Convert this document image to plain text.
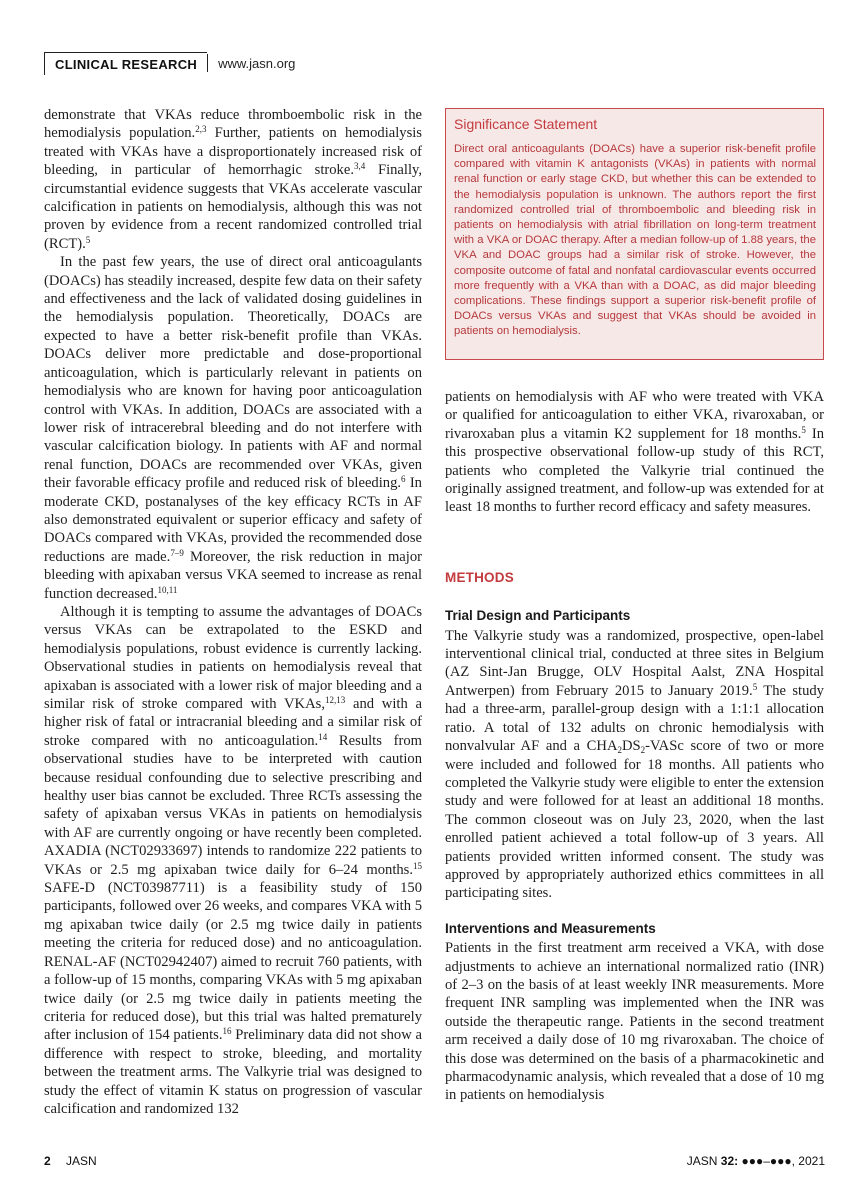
CLINICAL RESEARCH	www.jasn.org

demonstrate that VKAs reduce thromboembolic risk in the hemodialysis population.$^{2,3}$ Further, patients on hemodialysis treated with VKAs have a disproportionately increased risk of bleeding, in particular of hemorrhagic stroke.$^{3,4}$ Finally, circumstantial evidence suggests that VKAs accelerate vascular calcification in patients on hemodialysis, although this was not proven by evidence from a recent randomized controlled trial (RCT).$^5$

In the past few years, the use of direct oral anticoagulants (DOACs) has steadily increased, despite few data on their safety and effectiveness and the lack of validated dosing guidelines in the hemodialysis population. Theoretically, DOACs are expected to have a better risk-benefit profile than VKAs. DOACs deliver more predictable and dose-proportional anticoagulation, which is particularly relevant in patients on hemodialysis who are known for having poor anticoagulation control with VKAs. In addition, DOACs are associated with a lower risk of intracerebral bleeding and do not interfere with vascular calcification biology. In patients with AF and normal renal function, DOACs are recommended over VKAs, given their favorable efficacy profile and reduced risk of bleeding.$^6$ In moderate CKD, postanalyses of the key efficacy RCTs in AF also demonstrated equivalent or superior efficacy and safety of DOACs compared with VKAs, provided the recommended dose reductions are made.$^{7-9}$ Moreover, the risk reduction in major bleeding with apixaban versus VKA seemed to increase as renal function decreased.$^{10,11}$

Although it is tempting to assume the advantages of DOACs versus VKAs can be extrapolated to the ESKD and hemodialysis populations, robust evidence is currently lacking. Observational studies in patients on hemodialysis reveal that apixaban is associated with a lower risk of major bleeding and a similar risk of stroke compared with VKAs,$^{12,13}$ and with a higher risk of fatal or intracranial bleeding and a similar risk of stroke compared with no anticoagulation.$^{14}$ Results from observational studies have to be interpreted with caution because residual confounding due to selective prescribing and healthy user bias cannot be excluded. Three RCTs assessing the safety of apixaban versus VKAs in patients on hemodialysis with AF are currently ongoing or have recently been completed. AXADIA (NCT02933697) intends to randomize 222 patients to VKAs or 2.5 mg apixaban twice daily for 6–24 months.$^{15}$ SAFE-D (NCT03987711) is a feasibility study of 150 participants, followed over 26 weeks, and compares VKA with 5 mg apixaban twice daily (or 2.5 mg twice daily in patients meeting the criteria for reduced dose) and no anticoagulation. RENAL-AF (NCT02942407) aimed to recruit 760 patients, with a follow-up of 15 months, comparing VKAs with 5 mg apixaban twice daily (or 2.5 mg twice daily in patients meeting the criteria for reduced dose), but this trial was halted prematurely after inclusion of 154 patients.$^{16}$ Preliminary data did not show a difference with respect to stroke, bleeding, and mortality between the treatment arms. The Valkyrie trial was designed to study the effect of vitamin K status on progression of vascular calcification and randomized 132

Significance Statement
Direct oral anticoagulants (DOACs) have a superior risk-benefit profile compared with vitamin K antagonists (VKAs) in patients with normal renal function or early stage CKD, but whether this can be extended to the hemodialysis population is unknown. The authors report the first randomized controlled trial of thromboembolic and bleeding risk in patients on hemodialysis with atrial fibrillation on long-term treatment with a VKA or DOAC therapy. After a median follow-up of 1.88 years, the VKA and DOAC groups had a similar risk of stroke. However, the composite outcome of fatal and nonfatal cardiovascular events occurred more frequently with a VKA than with a DOAC, as did major bleeding complications. These findings support a superior risk-benefit profile of DOACs versus VKAs and suggest that VKAs should be avoided in patients on hemodialysis.

patients on hemodialysis with AF who were treated with VKA or qualified for anticoagulation to either VKA, rivaroxaban, or rivaroxaban plus a vitamin K2 supplement for 18 months.$^5$ In this prospective observational follow-up study of this RCT, patients who completed the Valkyrie trial continued the originally assigned treatment, and follow-up was extended for at least 18 months to further record efficacy and safety measures.

METHODS
Trial Design and Participants

The Valkyrie study was a randomized, prospective, open-label interventional clinical trial, conducted at three sites in Belgium (AZ Sint-Jan Brugge, OLV Hospital Aalst, ZNA Hospital Antwerpen) from February 2015 to January 2019.$^5$ The study had a three-arm, parallel-group design with a 1:1:1 allocation ratio. A total of 132 adults on chronic hemodialysis with nonvalvular AF and a $CHA_2DS_2$-VASc score of two or more were included and followed for 18 months. All patients who completed the Valkyrie study were eligible to enter the extension study and were followed for at least an additional 18 months. The common closeout was on July 23, 2020, when the last enrolled patient achieved a total follow-up of 3 years. All patients provided written informed consent. The study was approved by appropriately authorized ethics committees in all participating sites.

Interventions and Measurements

Patients in the first treatment arm received a VKA, with dose adjustments to achieve an international normalized ratio (INR) of 2–3 on the basis of at least weekly INR measurements. More frequent INR sampling was implemented when the INR was outside the therapeutic range. Patients in the second treatment arm received a daily dose of 10 mg rivaroxaban. The choice of this dose was determined on the basis of a pharmacokinetic and pharmacodynamic analysis, which revealed that a dose of 10 mg in patients on hemodialysis

2 JASN	JASN 32: ●●●–●●●, 2021
